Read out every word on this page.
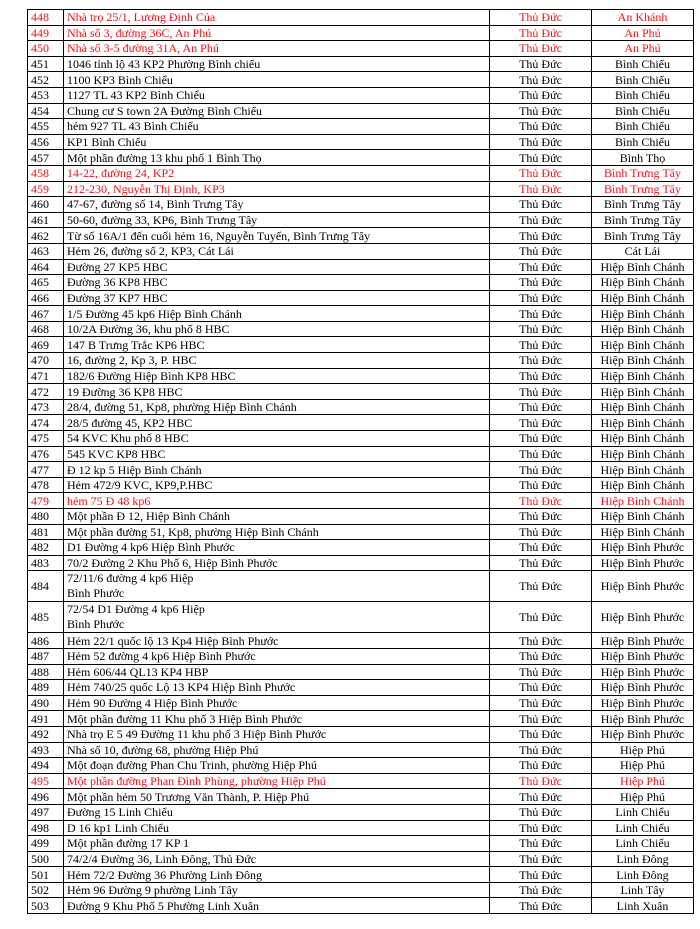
448	Nhà trọ 25/1, Lương Định Của	Thủ Đức	An Khánh
449	Nhà số 3, đường 36C, An Phú	Thủ Đức	An Phú
450	Nhà số 3-5 đường 31A, An Phú	Thủ Đức	An Phú
451	1046 tỉnh lộ 43 KP2 Phường Bình chiểu	Thủ Đức	Bình Chiểu
452	1100 KP3 Bình Chiểu	Thủ Đức	Bình Chiểu
453	1127 TL 43 KP2 Bình Chiểu	Thủ Đức	Bình Chiểu
454	Chung cư S town 2A Đường Bình Chiểu	Thủ Đức	Bình Chiểu
455	hẻm 927 TL 43 Bình Chiểu	Thủ Đức	Bình Chiểu
456	KP1 Bình Chiểu	Thủ Đức	Bình Chiểu
457	Một phần đường 13 khu phố 1 Bình Thọ	Thủ Đức	Bình Thọ
458	14-22, đường 24, KP2	Thủ Đức	Bình Trưng Tây
459	212-230, Nguyễn Thị Định, KP3	Thủ Đức	Bình Trưng Tây
460	47-67, đường số 14, Bình Trưng Tây	Thủ Đức	Bình Trưng Tây
461	50-60, đường 33, KP6, Bình Trưng Tây	Thủ Đức	Bình Trưng Tây
462	Từ số 16A/1 đến cuối hẻm 16, Nguyễn Tuyển, Bình Trưng Tây	Thủ Đức	Bình Trưng Tây
463	Hẻm 26, đường số 2, KP3, Cát Lái	Thủ Đức	Cát Lái
464	Đường 27 KP5 HBC	Thủ Đức	Hiệp Bình Chánh
465	Đường 36 KP8 HBC	Thủ Đức	Hiệp Bình Chánh
466	Đường 37 KP7 HBC	Thủ Đức	Hiệp Bình Chánh
467	1/5 Đường 45 kp6 Hiệp Bình Chánh	Thủ Đức	Hiệp Bình Chánh
468	10/2A Đường 36, khu phố 8 HBC	Thủ Đức	Hiệp Bình Chánh
469	147 B Trưng Trắc KP6 HBC	Thủ Đức	Hiệp Bình Chánh
470	16, đường 2, Kp 3, P. HBC	Thủ Đức	Hiệp Bình Chánh
471	182/6 Đường Hiệp Bình KP8 HBC	Thủ Đức	Hiệp Bình Chánh
472	19 Đường 36 KP8 HBC	Thủ Đức	Hiệp Bình Chánh
473	28/4, đường 51, Kp8, phường Hiệp Bình Chánh	Thủ Đức	Hiệp Bình Chánh
474	28/5 đường 45, KP2 HBC	Thủ Đức	Hiệp Bình Chánh
475	54 KVC Khu phố 8 HBC	Thủ Đức	Hiệp Bình Chánh
476	545 KVC KP8 HBC	Thủ Đức	Hiệp Bình Chánh
477	Đ 12 kp 5 Hiệp Bình Chánh	Thủ Đức	Hiệp Bình Chánh
478	Hẻm 472/9 KVC, KP9,P.HBC	Thủ Đức	Hiệp Bình Chánh
479	hẻm 75 Đ 48 kp6	Thủ Đức	Hiệp Bình Chánh
480	Một phần Đ 12, Hiệp Bình Chánh	Thủ Đức	Hiệp Bình Chánh
481	Một phần đường 51, Kp8, phường Hiệp Bình Chánh	Thủ Đức	Hiệp Bình Chánh
482	D1 Đường 4 kp6 Hiệp Bình Phước	Thủ Đức	Hiệp Bình Phước
483	70/2 Đường 2 Khu Phố 6, Hiệp Bình Phước	Thủ Đức	Hiệp Bình Phước
484	72/11/6 đường 4 kp6 Hiệp
Bình Phước	Thủ Đức	Hiệp Bình Phước
485	72/54 D1 Đường 4 kp6 Hiệp
Bình Phước	Thủ Đức	Hiệp Bình Phước
486	Hẻm 22/1 quốc lộ 13 Kp4 Hiệp Bình Phước	Thủ Đức	Hiệp Bình Phước
487	Hẻm 52 đường 4 kp6 Hiệp Bình Phước	Thủ Đức	Hiệp Bình Phước
488	Hẻm 606/44 QL13 KP4 HBP	Thủ Đức	Hiệp Bình Phước
489	Hẻm 740/25 quốc Lộ 13 KP4 Hiệp Bình Phước	Thủ Đức	Hiệp Bình Phước
490	Hẻm 90 Đường 4 Hiệp Bình Phước	Thủ Đức	Hiệp Bình Phước
491	Một phần đường 11 Khu phố 3 Hiệp Bình Phước	Thủ Đức	Hiệp Bình Phước
492	Nhà trọ E 5 49 Đường 11 khu phố 3 Hiệp Bình Phước	Thủ Đức	Hiệp Bình Phước
493	Nhà số 10, đường 68, phường Hiệp Phú	Thủ Đức	Hiệp Phú
494	Một đoạn đường Phan Chu Trinh, phường Hiệp Phú	Thủ Đức	Hiệp Phú
495	Một phần đường Phan Đình Phùng, phường Hiệp Phú	Thủ Đức	Hiệp Phú
496	Một phần hẻm 50 Trương Văn Thành, P. Hiệp Phú	Thủ Đức	Hiệp Phú
497	Đường 15 Linh Chiểu	Thủ Đức	Linh Chiểu
498	D 16 kp1 Linh Chiểu	Thủ Đức	Linh Chiểu
499	Một phần đường 17 KP 1	Thủ Đức	Linh Chiểu
500	74/2/4 Đường 36, Linh Đông, Thủ Đức	Thủ Đức	Linh Đông
501	Hẻm 72/2 Đường 36 Phường Linh Đông	Thủ Đức	Linh Đông
502	Hẻm 96 Đường 9 phường Linh Tây	Thủ Đức	Linh Tây
503	Đường 9 Khu Phố 5 Phường Linh Xuân	Thủ Đức	Linh Xuân
